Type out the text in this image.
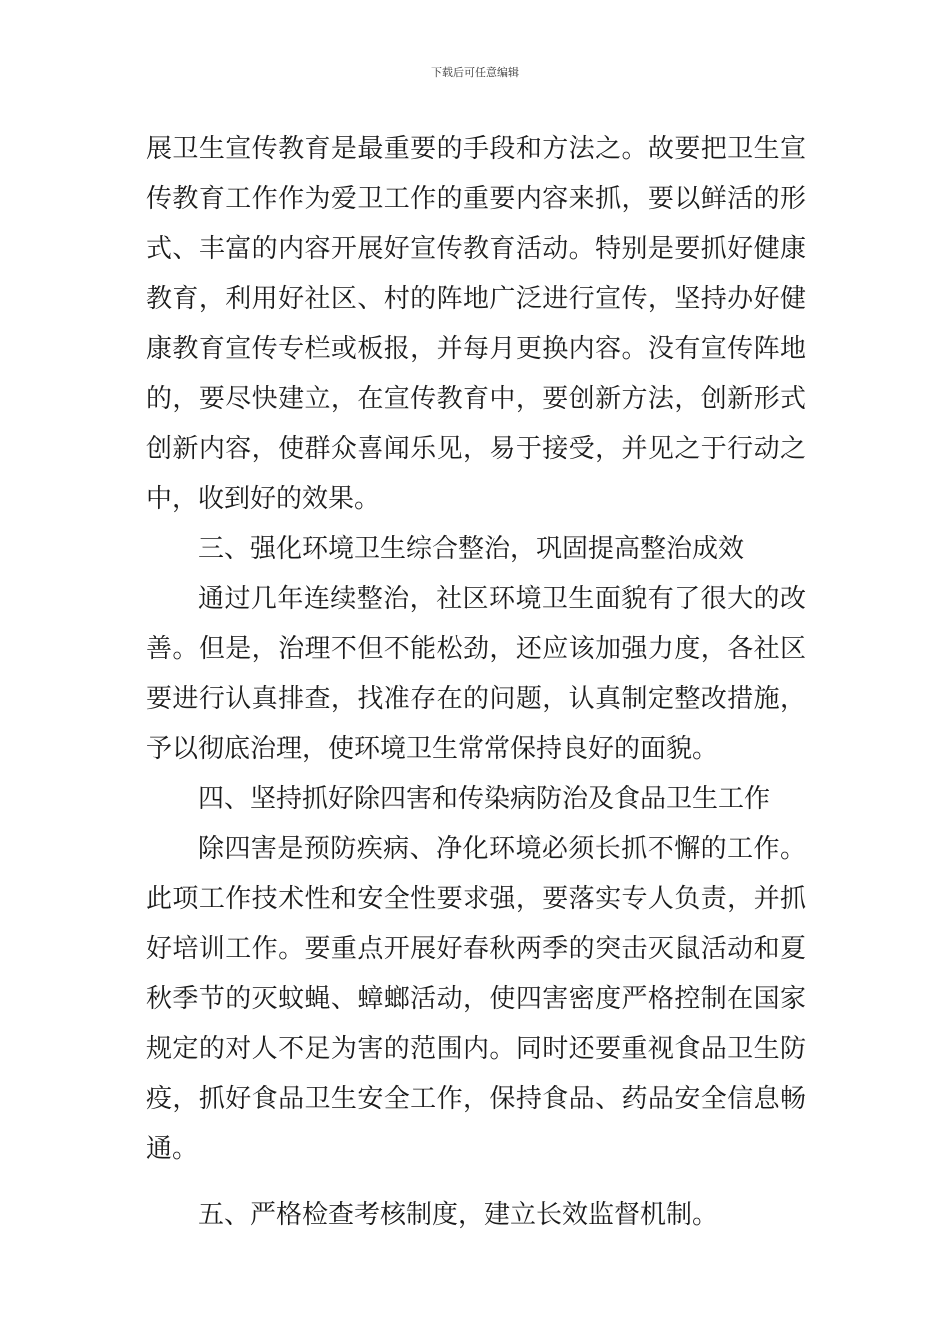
下载后可任意编辑
展卫生宣传教育是最重要的手段和方法之。故要把卫生宣
传教育工作作为爱卫工作的重要内容来抓，要以鲜活的形
式、丰富的内容开展好宣传教育活动。特别是要抓好健康
教育，利用好社区、村的阵地广泛进行宣传，坚持办好健
康教育宣传专栏或板报，并每月更换内容。没有宣传阵地
的，要尽快建立，在宣传教育中，要创新方法，创新形式
创新内容，使群众喜闻乐见，易于接受，并见之于行动之
中，收到好的效果。
三、强化环境卫生综合整治，巩固提高整治成效
通过几年连续整治，社区环境卫生面貌有了很大的改
善。但是，治理不但不能松劲，还应该加强力度，各社区
要进行认真排查，找准存在的问题，认真制定整改措施，
予以彻底治理，使环境卫生常常保持良好的面貌。
四、坚持抓好除四害和传染病防治及食品卫生工作
除四害是预防疾病、净化环境必须长抓不懈的工作。
此项工作技术性和安全性要求强，要落实专人负责，并抓
好培训工作。要重点开展好春秋两季的突击灭鼠活动和夏
秋季节的灭蚊蝇、蟑螂活动，使四害密度严格控制在国家
规定的对人不足为害的范围内。同时还要重视食品卫生防
疫，抓好食品卫生安全工作，保持食品、药品安全信息畅
通。
五、严格检查考核制度，建立长效监督机制。
